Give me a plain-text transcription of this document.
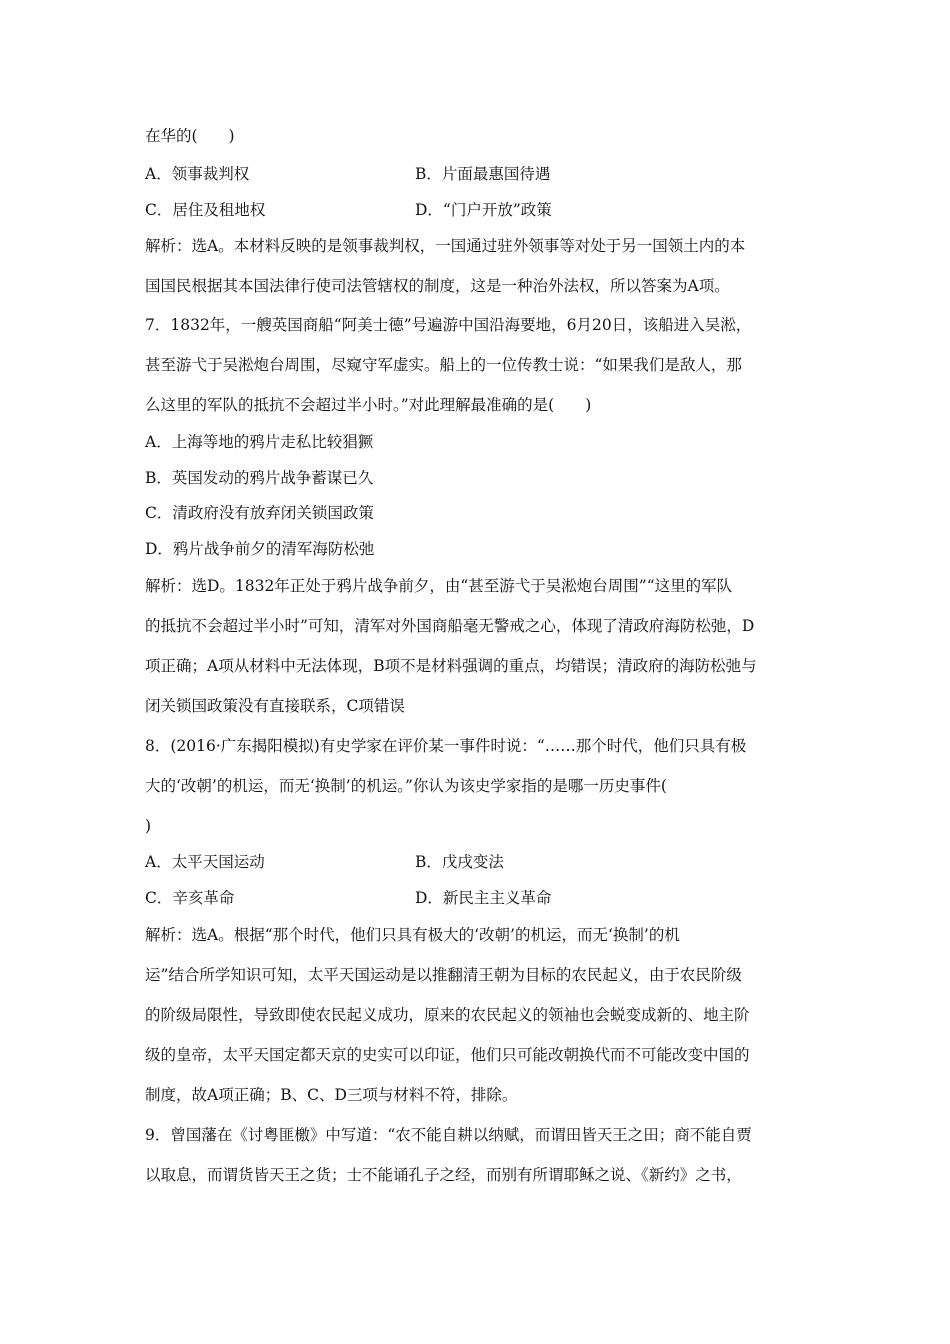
在华的(　　)
A．领事裁判权	B．片面最惠国待遇
C．居住及租地权	D．“门户开放”政策
解析：选A。本材料反映的是领事裁判权，一国通过驻外领事等对处于另一国领土内的本
国国民根据其本国法律行使司法管辖权的制度，这是一种治外法权，所以答案为A项。
7．1832年，一艘英国商船“阿美士德”号遍游中国沿海要地，6月20日，该船进入吴淞，
甚至游弋于吴淞炮台周围，尽窥守军虚实。船上的一位传教士说：“如果我们是敌人，那
么这里的军队的抵抗不会超过半小时。”对此理解最准确的是(　　)
A．上海等地的鸦片走私比较猖獗
B．英国发动的鸦片战争蓄谋已久
C．清政府没有放弃闭关锁国政策
D．鸦片战争前夕的清军海防松弛
解析：选D。1832年正处于鸦片战争前夕，由“甚至游弋于吴淞炮台周围”“这里的军队
的抵抗不会超过半小时”可知，清军对外国商船毫无警戒之心，体现了清政府海防松弛，D
项正确；A项从材料中无法体现，B项不是材料强调的重点，均错误；清政府的海防松弛与
闭关锁国政策没有直接联系，C项错误
8．(2016·广东揭阳模拟)有史学家在评价某一事件时说：“……那个时代，他们只具有极
大的‘改朝’的机运，而无‘换制’的机运。”你认为该史学家指的是哪一历史事件(
)
A．太平天国运动	B．戊戌变法
C．辛亥革命	D．新民主主义革命
解析：选A。根据“那个时代，他们只具有极大的‘改朝’的机运，而无‘换制’的机
运”结合所学知识可知，太平天国运动是以推翻清王朝为目标的农民起义，由于农民阶级
的阶级局限性，导致即使农民起义成功，原来的农民起义的领袖也会蜕变成新的、地主阶
级的皇帝，太平天国定都天京的史实可以印证，他们只可能改朝换代而不可能改变中国的
制度，故A项正确；B、C、D三项与材料不符，排除。
9．曾国藩在《讨粤匪檄》中写道：“农不能自耕以纳赋，而谓田皆天王之田；商不能自贾
以取息，而谓货皆天王之货；士不能诵孔子之经，而别有所谓耶稣之说、《新约》之书，
